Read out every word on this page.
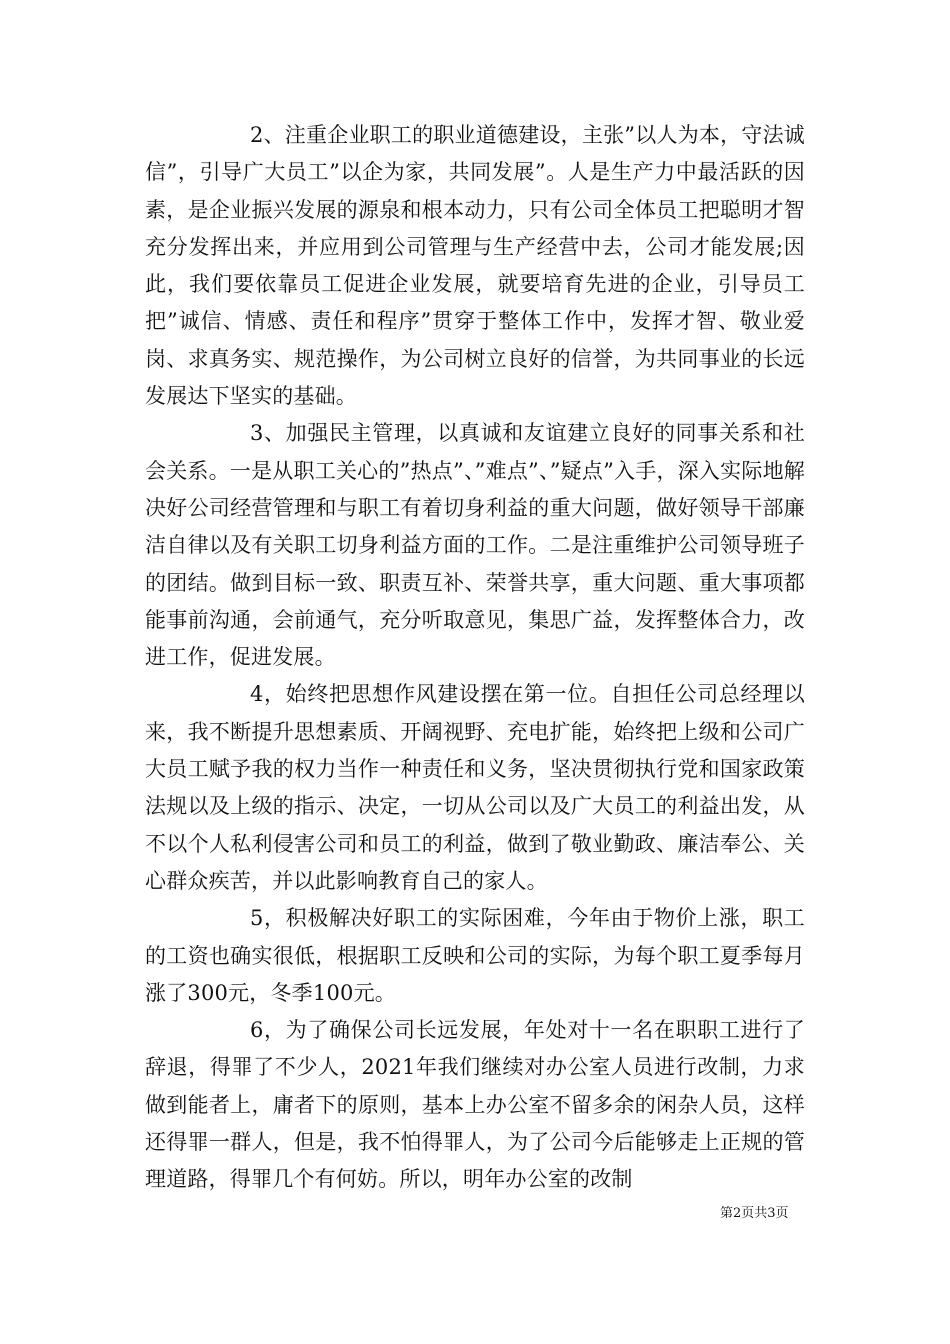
2、注重企业职工的职业道德建设，主张”以人为本，守法诚信”，引导广大员工”以企为家，共同发展”。人是生产力中最活跃的因素，是企业振兴发展的源泉和根本动力，只有公司全体员工把聪明才智充分发挥出来，并应用到公司管理与生产经营中去，公司才能发展;因此，我们要依靠员工促进企业发展，就要培育先进的企业，引导员工把”诚信、情感、责任和程序”贯穿于整体工作中，发挥才智、敬业爱岗、求真务实、规范操作，为公司树立良好的信誉，为共同事业的长远发展达下坚实的基础。

3、加强民主管理，以真诚和友谊建立良好的同事关系和社会关系。一是从职工关心的”热点”、”难点”、”疑点”入手，深入实际地解决好公司经营管理和与职工有着切身利益的重大问题，做好领导干部廉洁自律以及有关职工切身利益方面的工作。二是注重维护公司领导班子的团结。做到目标一致、职责互补、荣誉共享，重大问题、重大事项都能事前沟通，会前通气，充分听取意见，集思广益，发挥整体合力，改进工作，促进发展。

4，始终把思想作风建设摆在第一位。自担任公司总经理以来，我不断提升思想素质、开阔视野、充电扩能，始终把上级和公司广大员工赋予我的权力当作一种责任和义务，坚决贯彻执行党和国家政策法规以及上级的指示、决定，一切从公司以及广大员工的利益出发，从不以个人私利侵害公司和员工的利益，做到了敬业勤政、廉洁奉公、关心群众疾苦，并以此影响教育自己的家人。

5，积极解决好职工的实际困难，今年由于物价上涨，职工的工资也确实很低，根据职工反映和公司的实际，为每个职工夏季每月涨了300元，冬季100元。

6，为了确保公司长远发展，年处对十一名在职职工进行了辞退，得罪了不少人，2021年我们继续对办公室人员进行改制，力求做到能者上，庸者下的原则，基本上办公室不留多余的闲杂人员，这样还得罪一群人，但是，我不怕得罪人，为了公司今后能够走上正规的管理道路，得罪几个有何妨。所以，明年办公室的改制

第2页共3页
